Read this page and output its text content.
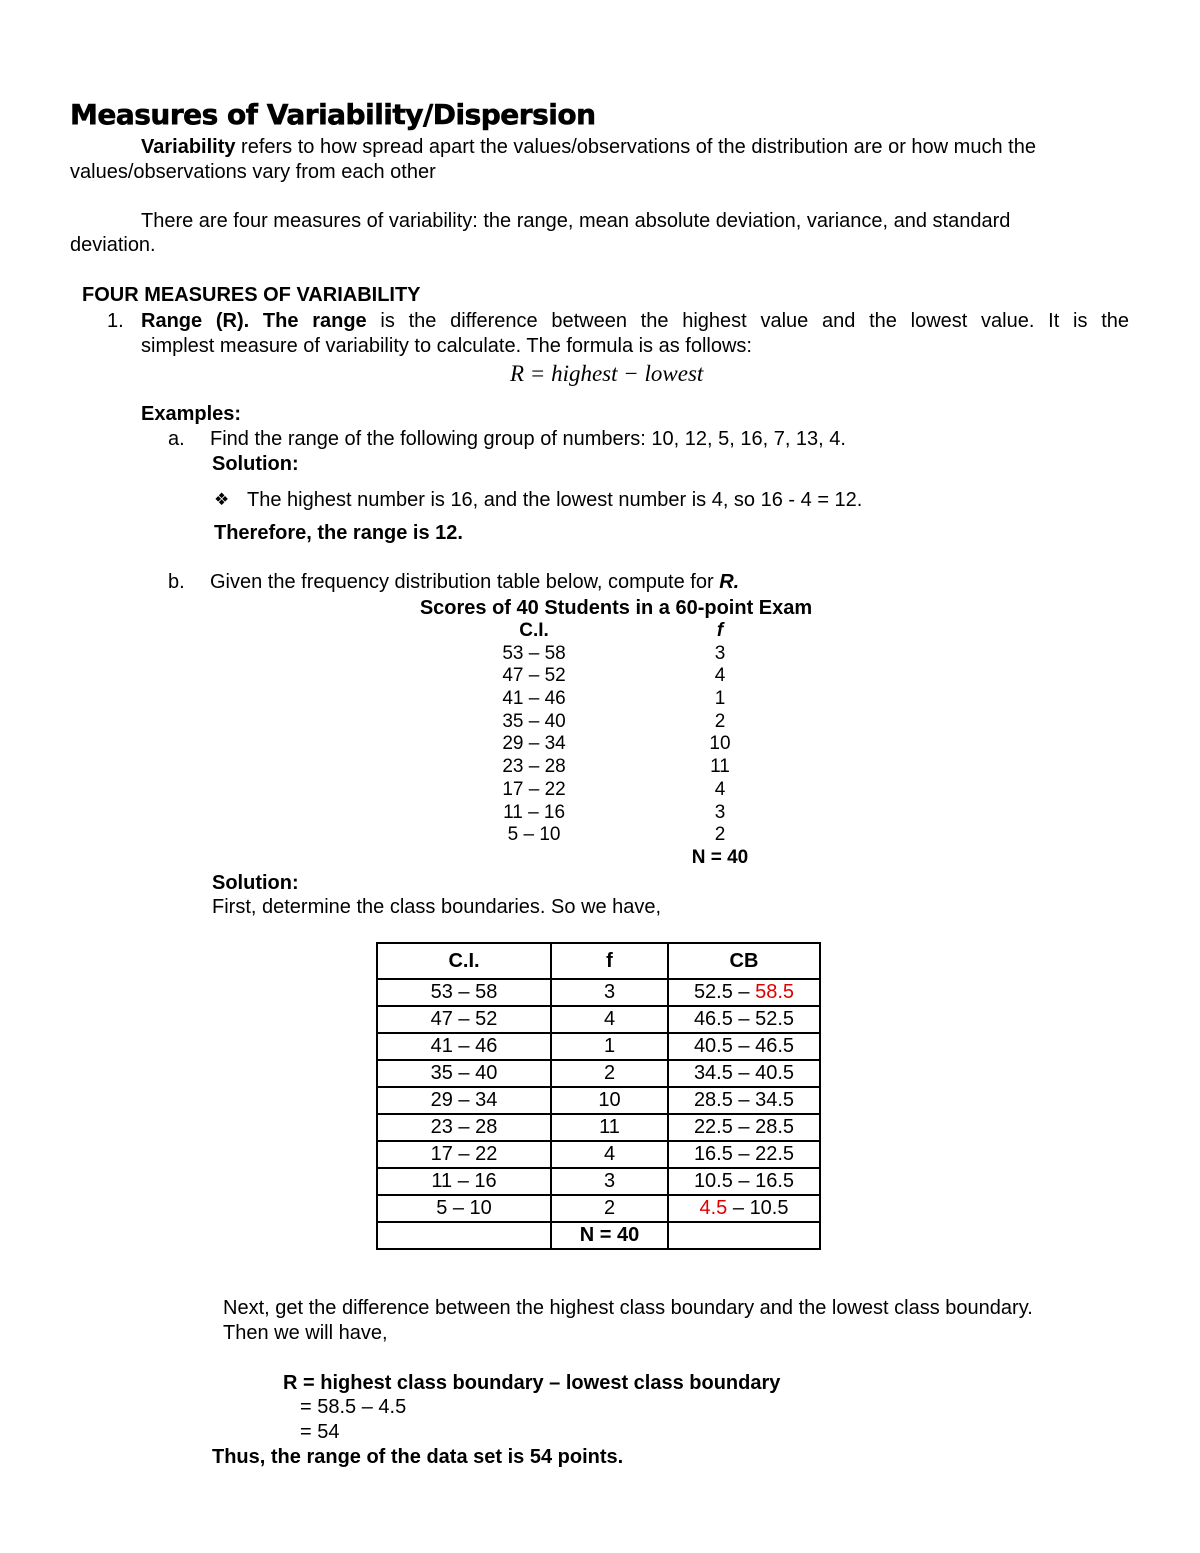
Measures of Variability/Dispersion
Variability refers to how spread apart the values/observations of the distribution are or how much the
values/observations vary from each other
There are four measures of variability: the range, mean absolute deviation, variance, and standard
deviation.
FOUR MEASURES OF VARIABILITY
1. Range (R). The range is the difference between the highest value and the lowest value. It is the
simplest measure of variability to calculate. The formula is as follows:
R = highest − lowest
Examples:
a. Find the range of the following group of numbers: 10, 12, 5, 16, 7, 13, 4.
Solution:
❖ The highest number is 16, and the lowest number is 4, so 16 - 4 = 12.
Therefore, the range is 12.
b. Given the frequency distribution table below, compute for R.
Scores of 40 Students in a 60-point Exam
C.I.	f
53 – 58	3
47 – 52	4
41 – 46	1
35 – 40	2
29 – 34	10
23 – 28	11
17 – 22	4
11 – 16	3
5 – 10	2
N = 40
Solution:
First, determine the class boundaries. So we have,
C.I.	f	CB
53 – 58	3	52.5 – 58.5
47 – 52	4	46.5 – 52.5
41 – 46	1	40.5 – 46.5
35 – 40	2	34.5 – 40.5
29 – 34	10	28.5 – 34.5
23 – 28	11	22.5 – 28.5
17 – 22	4	16.5 – 22.5
11 – 16	3	10.5 – 16.5
5 – 10	2	4.5 – 10.5
	N = 40	
Next, get the difference between the highest class boundary and the lowest class boundary.
Then we will have,
R = highest class boundary – lowest class boundary
= 58.5 – 4.5
= 54
Thus, the range of the data set is 54 points.
